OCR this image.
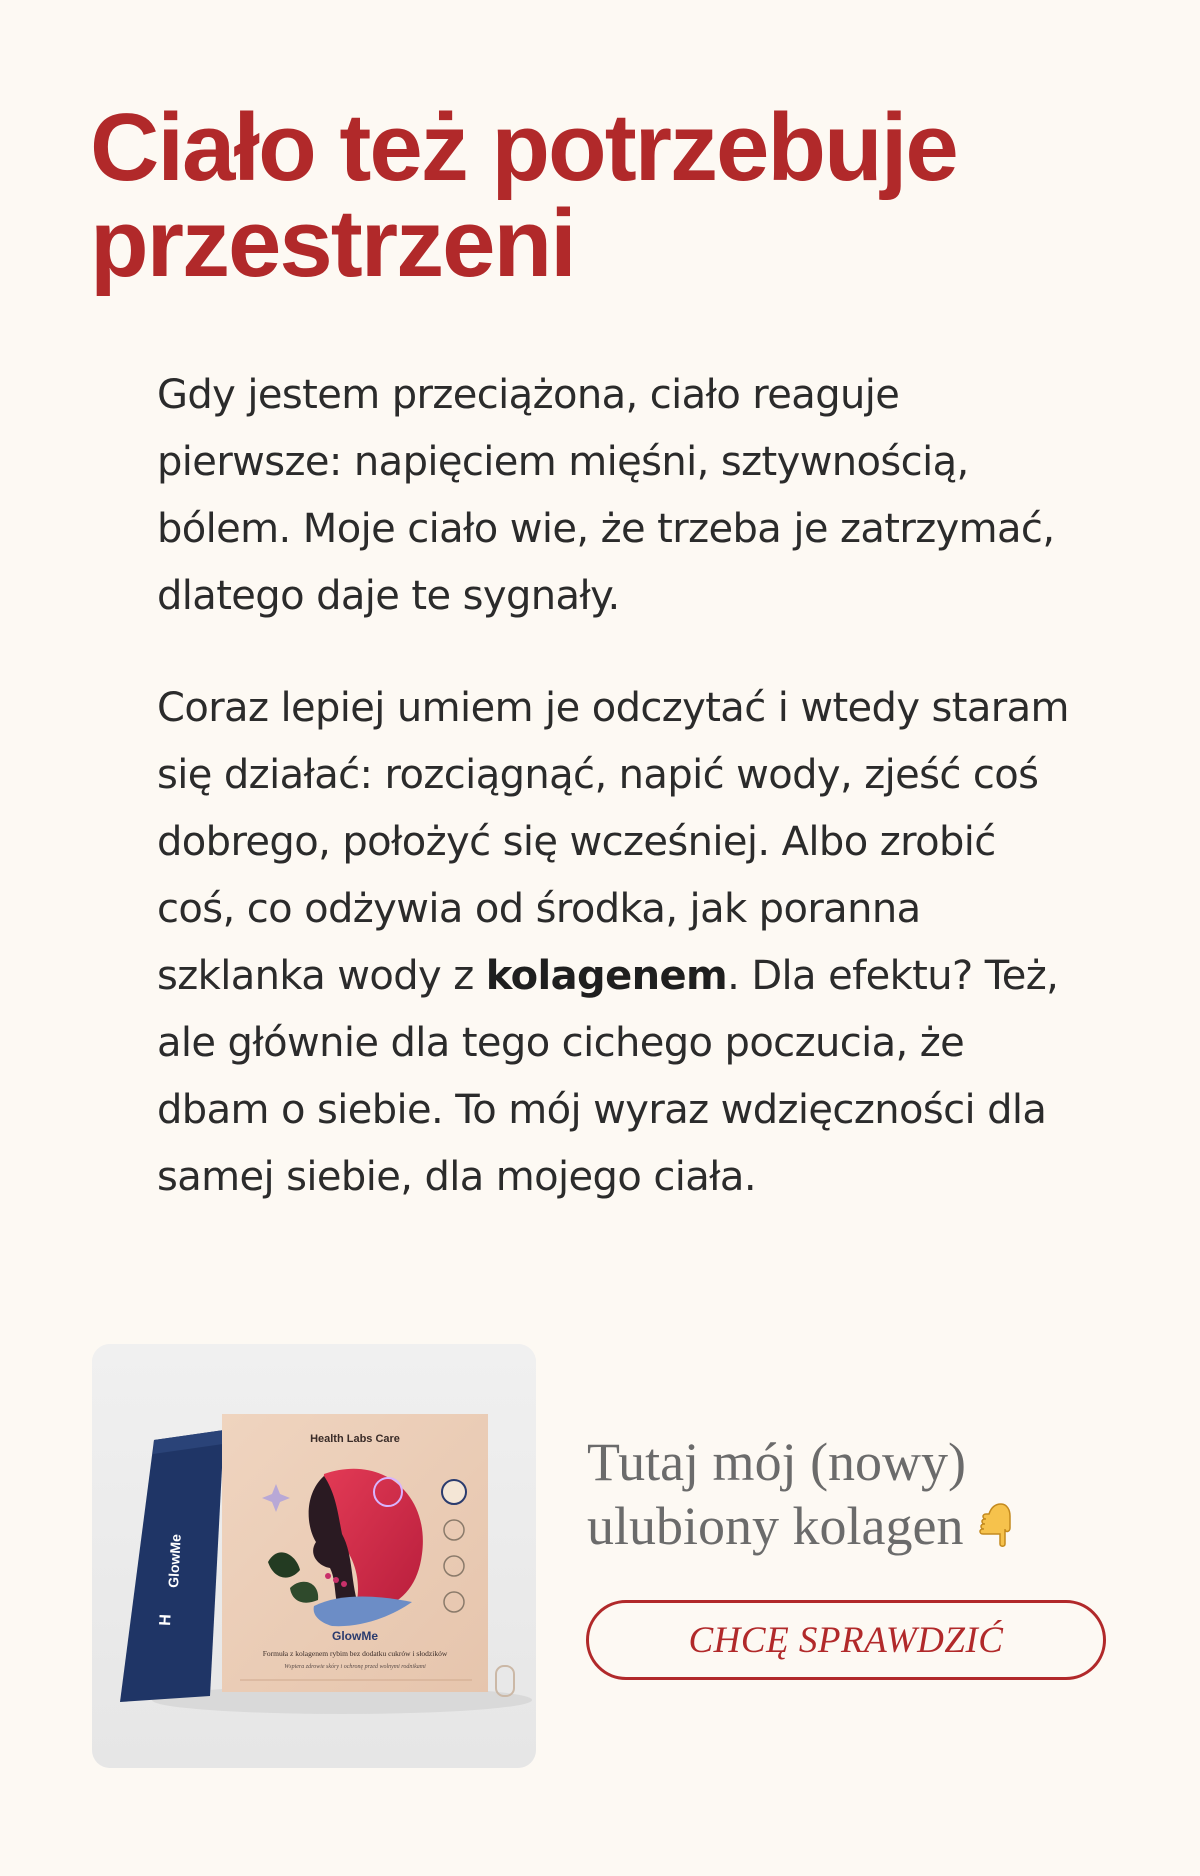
Ciało też potrzebuje przestrzeni

Gdy jestem przeciążona, ciało reaguje pierwsze: napięciem mięśni, sztywnością, bólem. Moje ciało wie, że trzeba je zatrzymać, dlatego daje te sygnały.

Coraz lepiej umiem je odczytać i wtedy staram się działać: rozciągnąć, napić wody, zjeść coś dobrego, położyć się wcześniej. Albo zrobić coś, co odżywia od środka, jak poranna szklanka wody z kolagenem. Dla efektu? Też, ale głównie dla tego cichego poczucia, że dbam o siebie. To mój wyraz wdzięczności dla samej siebie, dla mojego ciała.

GlowMe
H
Health Labs Care
GlowMe
Formuła z kolagenem rybim bez dodatku cukrów i słodzików
Wspiera zdrowie skóry i ochronę przed wolnymi rodnikami

Tutaj mój (nowy) ulubiony kolagen

CHCĘ SPRAWDZIĆ
